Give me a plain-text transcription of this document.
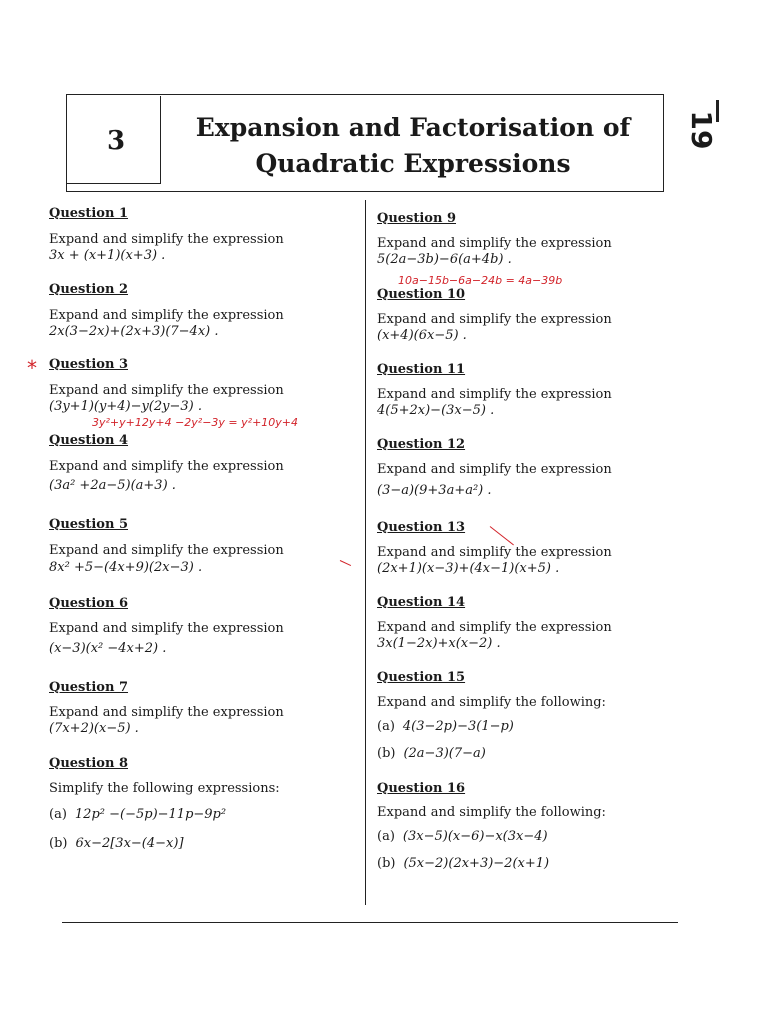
3	Expansion and Factorisation of
Quadratic Expressions
19
Question 1
Expand and simplify the expression
3x + (x+1)(x+3) .
Question 2
Expand and simplify the expression
2x(3−2x)+(2x+3)(7−4x) .
* Question 3
Expand and simplify the expression
(3y+1)(y+4)−y(2y−3) .
3y²+y+12y+4 −2y²−3y = y²+10y+4
Question 4
Expand and simplify the expression
(3a² +2a−5)(a+3) .
Question 5
Expand and simplify the expression
8x² +5−(4x+9)(2x−3) .
Question 6
Expand and simplify the expression
(x−3)(x² −4x+2) .
Question 7
Expand and simplify the expression
(7x+2)(x−5) .
Question 8
Simplify the following expressions:
(a) 12p² −(−5p)−11p−9p²
(b) 6x−2[3x−(4−x)]
Question 9
Expand and simplify the expression
5(2a−3b)−6(a+4b) .
10a−15b−6a−24b = 4a−39b
Question 10
Expand and simplify the expression
(x+4)(6x−5) .
Question 11
Expand and simplify the expression
4(5+2x)−(3x−5) .
Question 12
Expand and simplify the expression
(3−a)(9+3a+a²) .
Question 13
Expand and simplify the expression
(2x+1)(x−3)+(4x−1)(x+5) .
Question 14
Expand and simplify the expression
3x(1−2x)+x(x−2) .
Question 15
Expand and simplify the following:
(a) 4(3−2p)−3(1−p)
(b) (2a−3)(7−a)
Question 16
Expand and simplify the following:
(a) (3x−5)(x−6)−x(3x−4)
(b) (5x−2)(2x+3)−2(x+1)
